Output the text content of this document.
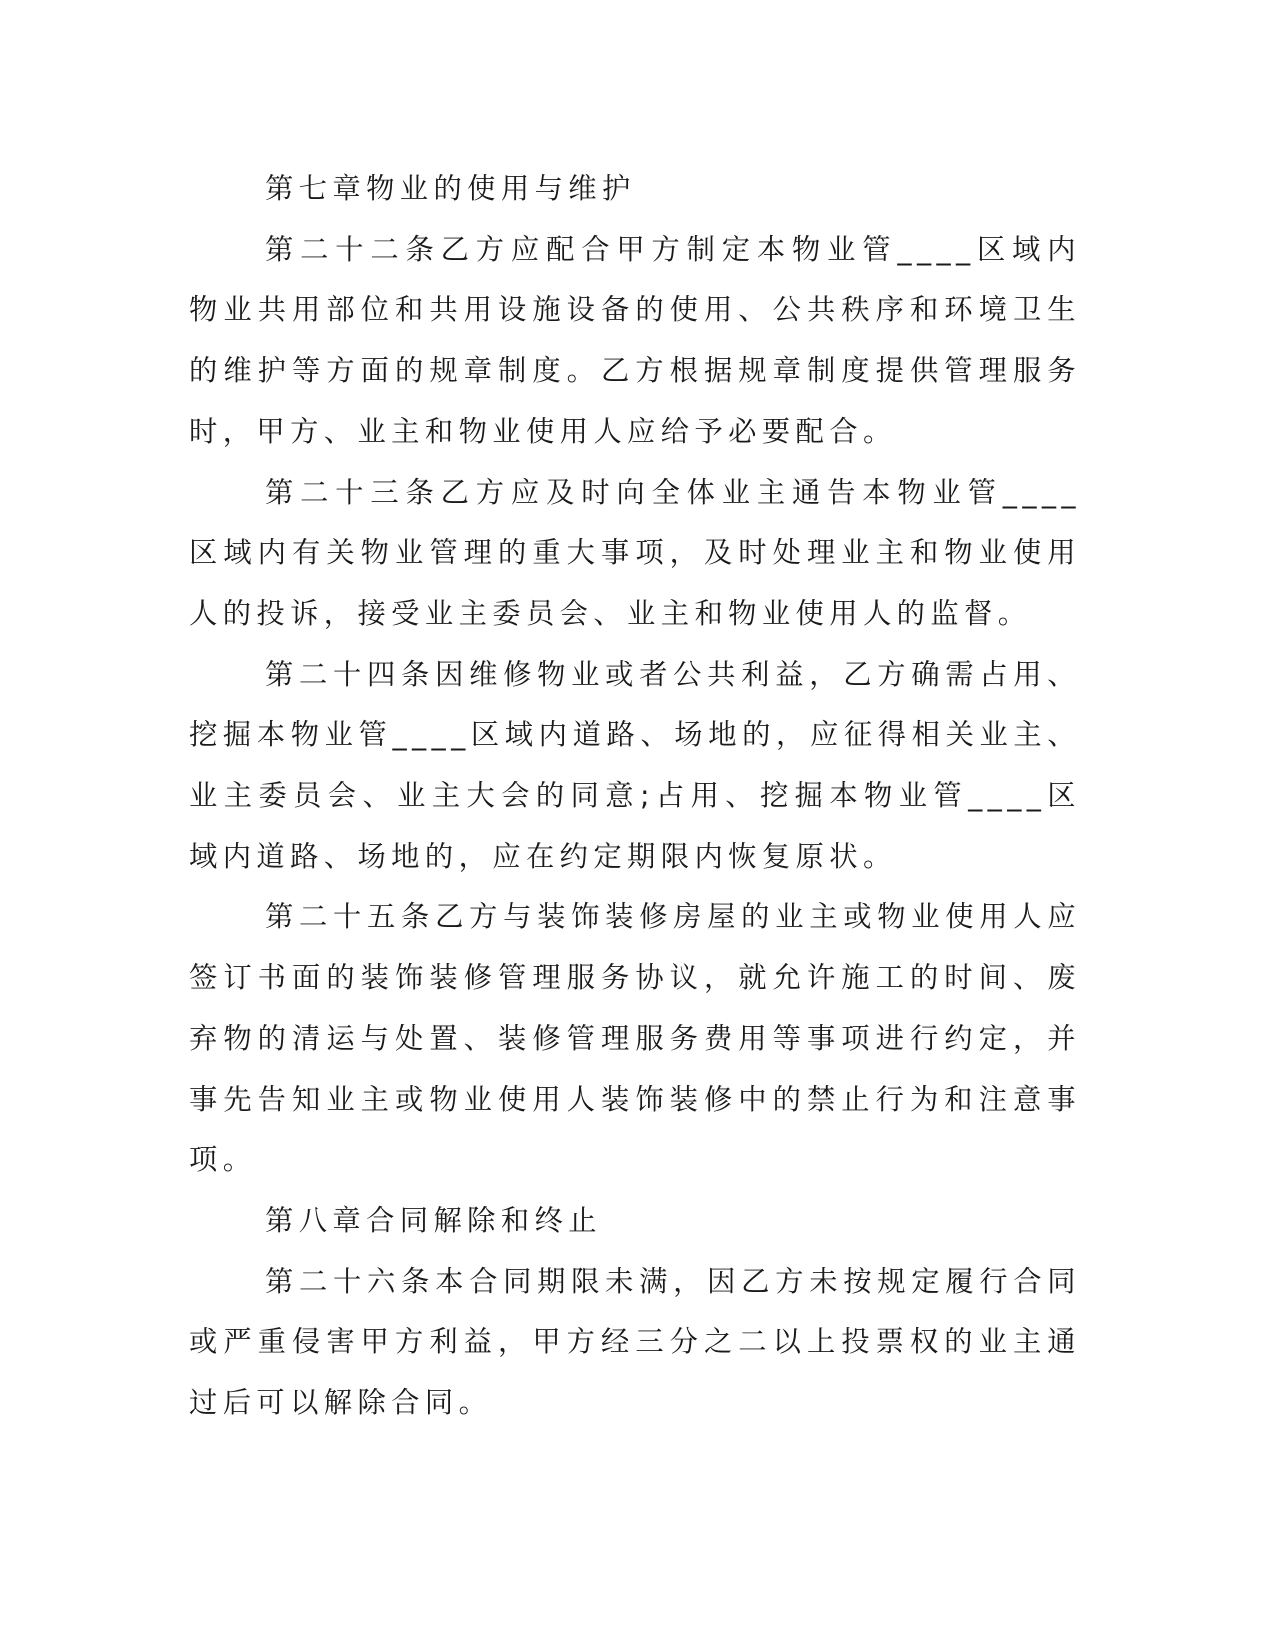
第七章物业的使用与维护

第二十二条乙方应配合甲方制定本物业管____区域内物业共用部位和共用设施设备的使用、公共秩序和环境卫生的维护等方面的规章制度。乙方根据规章制度提供管理服务时，甲方、业主和物业使用人应给予必要配合。

第二十三条乙方应及时向全体业主通告本物业管____区域内有关物业管理的重大事项，及时处理业主和物业使用人的投诉，接受业主委员会、业主和物业使用人的监督。

第二十四条因维修物业或者公共利益，乙方确需占用、挖掘本物业管____区域内道路、场地的，应征得相关业主、业主委员会、业主大会的同意;占用、挖掘本物业管____区域内道路、场地的，应在约定期限内恢复原状。

第二十五条乙方与装饰装修房屋的业主或物业使用人应签订书面的装饰装修管理服务协议，就允许施工的时间、废弃物的清运与处置、装修管理服务费用等事项进行约定，并事先告知业主或物业使用人装饰装修中的禁止行为和注意事项。

第八章合同解除和终止

第二十六条本合同期限未满，因乙方未按规定履行合同或严重侵害甲方利益，甲方经三分之二以上投票权的业主通过后可以解除合同。
